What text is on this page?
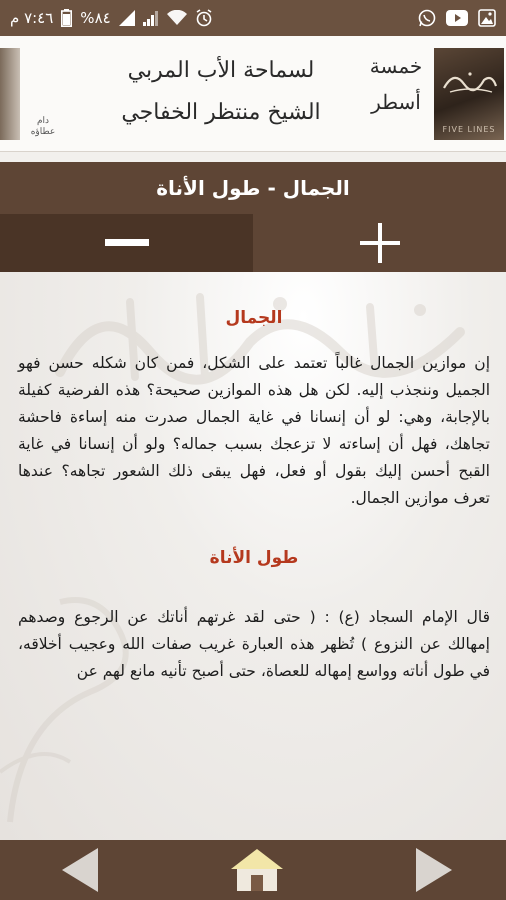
٧:٤٦ م %٨٤
FIVE LINES
خمسة أسطر
لسماحة الأب المربي
الشيخ منتظر الخفاجي
دام عطاؤه
الجمال - طول الأناة
الجمال

إن موازين الجمال غالباً تعتمد على الشكل، فمن كان شكله حسن فهو الجميل وننجذب إليه. لكن هل هذه الموازين صحيحة؟ هذه الفرضية كفيلة بالإجابة، وهي: لو أن إنسانا في غاية الجمال صدرت منه إساءة فاحشة تجاهك، فهل أن إساءته لا تزعجك بسبب جماله؟ ولو أن إنسانا في غاية القبح أحسن إليك بقول أو فعل، فهل يبقى ذلك الشعور تجاهه؟ عندها تعرف موازين الجمال.

طول الأناة

قال الإمام السجاد (ع) : ( حتى لقد غرتهم أناتك عن الرجوع وصدهم إمهالك عن النزوع ) تُظهر هذه العبارة غريب صفات الله وعجيب أخلاقه، في طول أناته وواسع إمهاله للعصاة، حتى أصبح تأنيه مانع لهم عن
